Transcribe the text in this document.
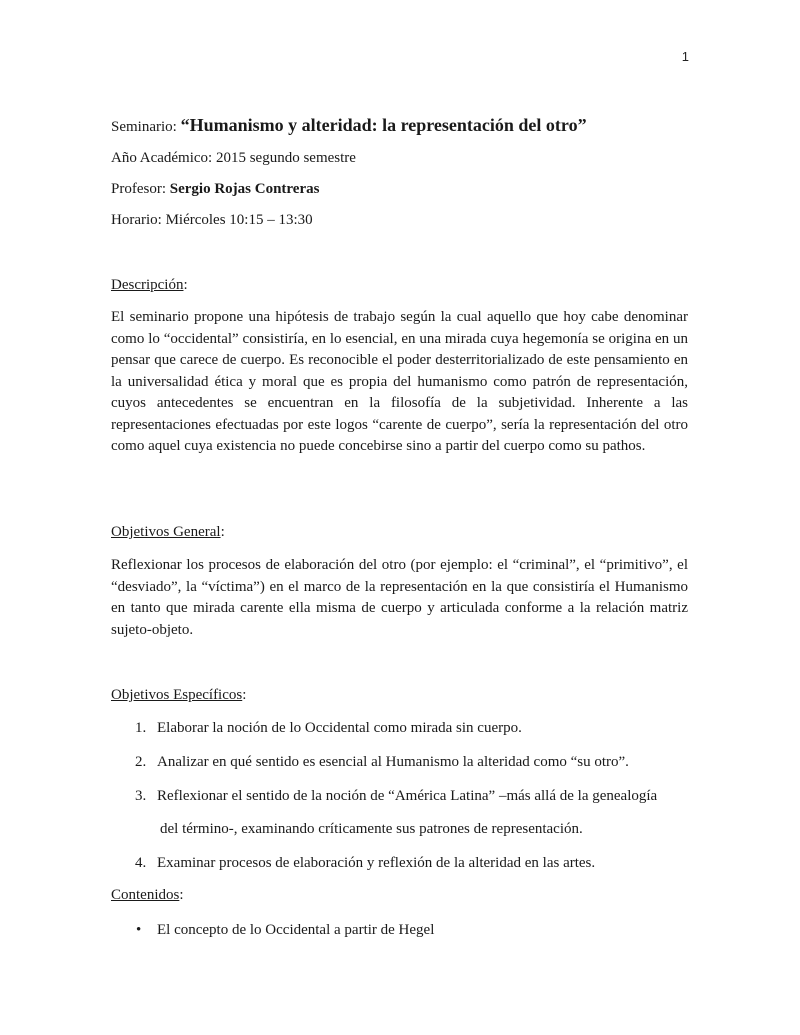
1
Seminario: “Humanismo y alteridad: la representación del otro”
Año Académico: 2015 segundo semestre
Profesor: Sergio Rojas Contreras
Horario: Miércoles 10:15 – 13:30
Descripción:

El seminario propone una hipótesis de trabajo según la cual aquello que hoy cabe denominar como lo “occidental” consistiría, en lo esencial, en una mirada cuya hegemonía se origina en un pensar que carece de cuerpo. Es reconocible el poder desterritorializado de este pensamiento en la universalidad ética y moral que es propia del humanismo como patrón de representación, cuyos antecedentes se encuentran en la filosofía de la subjetividad. Inherente a las representaciones efectuadas por este logos “carente de cuerpo”, sería la representación del otro como aquel cuya existencia no puede concebirse sino a partir del cuerpo como su pathos.

Objetivos General:

Reflexionar los procesos de elaboración del otro (por ejemplo: el “criminal”, el “primitivo”, el “desviado”, la “víctima”) en el marco de la representación en la que consistiría el Humanismo en tanto que mirada carente ella misma de cuerpo y articulada conforme a la relación matriz sujeto-objeto.

Objetivos Específicos:
1. Elaborar la noción de lo Occidental como mirada sin cuerpo.
2. Analizar en qué sentido es esencial al Humanismo la alteridad como “su otro”.
3. Reflexionar el sentido de la noción de “América Latina” –más allá de la genealogía
del término-, examinando críticamente sus patrones de representación.
4. Examinar procesos de elaboración y reflexión de la alteridad en las artes.
Contenidos:
• El concepto de lo Occidental a partir de Hegel
